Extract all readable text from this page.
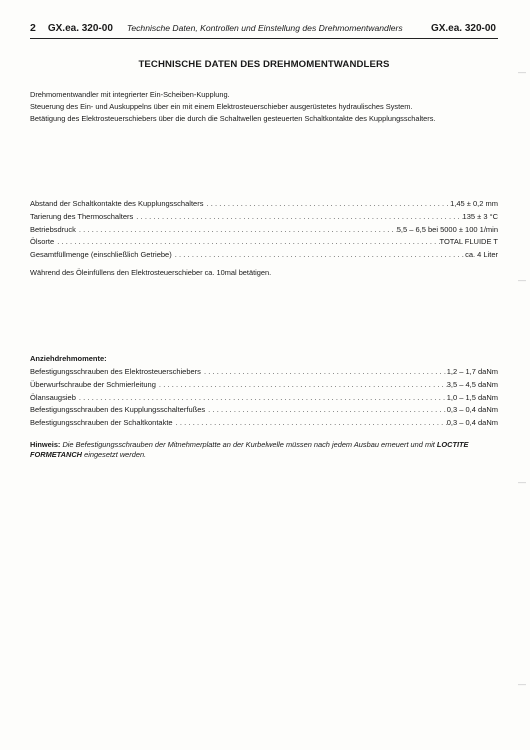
2 GX.ea. 320-00 Technische Daten, Kontrollen und Einstellung des Drehmomentwandlers	GX.ea. 320-00
TECHNISCHE DATEN DES DREHMOMENTWANDLERS
Drehmomentwandler mit integrierter Ein-Scheiben-Kupplung.
Steuerung des Ein- und Auskuppelns über ein mit einem Elektrosteuerschieber ausgerüstetes hydraulisches System.
Betätigung des Elektrosteuerschiebers über die durch die Schaltwellen gesteuerten Schaltkontakte des Kupplungsschalters.
Abstand der Schaltkontakte des Kupplungsschalters .....	1,45 ± 0,2 mm
Tarierung des Thermoschalters .....	135 ± 3 °C
Betriebsdruck .....	5,5 – 6,5 bei 5000 ± 100 1/min
Ölsorte .....	TOTAL FLUIDE T
Gesamtfüllmenge (einschließlich Getriebe) .....	ca. 4 Liter
Während des Öleinfüllens den Elektrosteuerschieber ca. 10mal betätigen.
Anziehdrehmomente:
Befestigungsschrauben des Elektrosteuerschiebers .....	1,2 – 1,7 daNm
Überwurfschraube der Schmierleitung .....	3,5 – 4,5 daNm
Ölansaugsieb .....	1,0 – 1,5 daNm
Befestigungsschrauben des Kupplungsschalterfußes .....	0,3 – 0,4 daNm
Befestigungsschrauben der Schaltkontakte .....	0,3 – 0,4 daNm
Hinweis: Die Befestigungsschrauben der Mitnehmerplatte an der Kurbelwelle müssen nach jedem Ausbau erneuert und mit LOCTITE FORMETANCH eingesetzt werden.
—
—
—
—
